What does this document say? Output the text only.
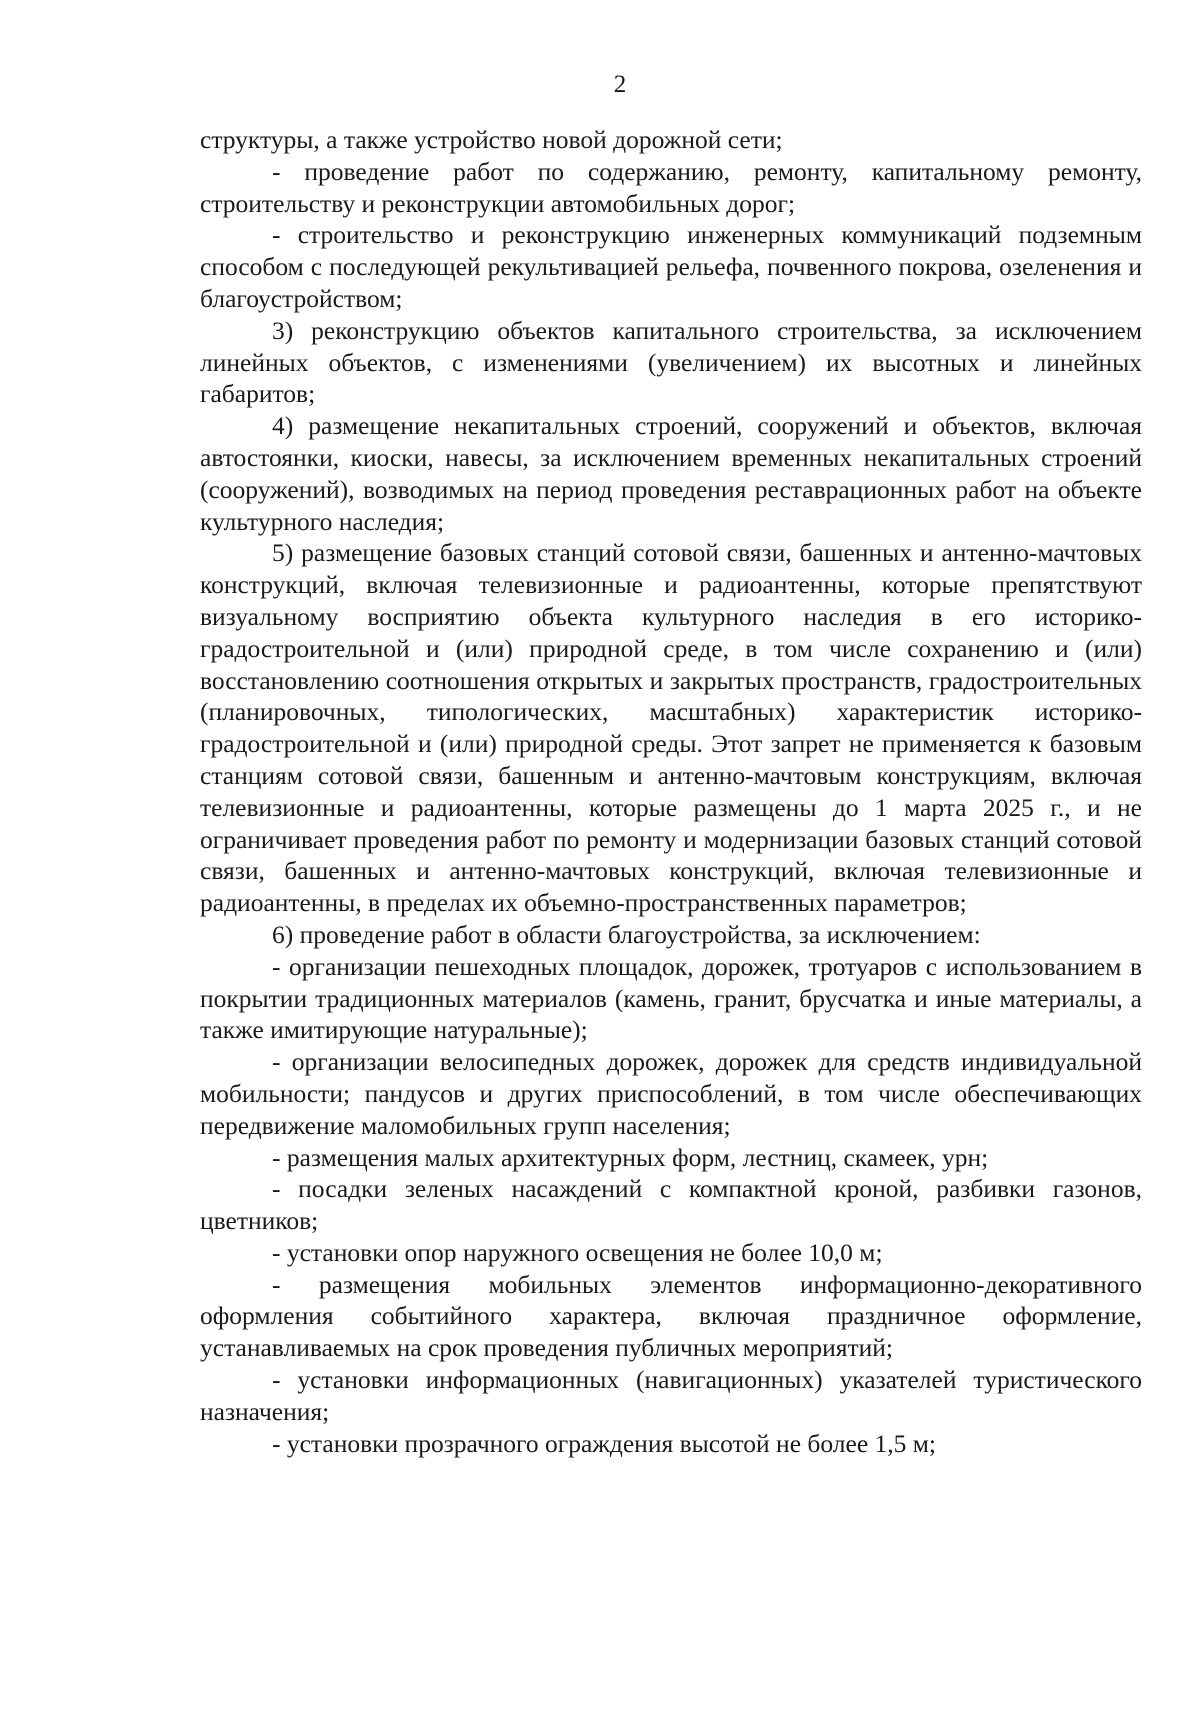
2

структуры, а также устройство новой дорожной сети;

- проведение работ по содержанию, ремонту, капитальному ремонту, строительству и реконструкции автомобильных дорог;

- строительство и реконструкцию инженерных коммуникаций подземным способом с последующей рекультивацией рельефа, почвенного покрова, озеленения и благоустройством;

3) реконструкцию объектов капитального строительства, за исключением линейных объектов, с изменениями (увеличением) их высотных и линейных габаритов;

4) размещение некапитальных строений, сооружений и объектов, включая автостоянки, киоски, навесы, за исключением временных некапитальных строений (сооружений), возводимых на период проведения реставрационных работ на объекте культурного наследия;

5) размещение базовых станций сотовой связи, башенных и антенно-мачтовых конструкций, включая телевизионные и радиоантенны, которые препятствуют визуальному восприятию объекта культурного наследия в его историко-градостроительной и (или) природной среде, в том числе сохранению и (или) восстановлению соотношения открытых и закрытых пространств, градостроительных (планировочных, типологических, масштабных) характеристик историко-градостроительной и (или) природной среды. Этот запрет не применяется к базовым станциям сотовой связи, башенным и антенно-мачтовым конструкциям, включая телевизионные и радиоантенны, которые размещены до 1 марта 2025 г., и не ограничивает проведения работ по ремонту и модернизации базовых станций сотовой связи, башенных и антенно-мачтовых конструкций, включая телевизионные и радиоантенны, в пределах их объемно-пространственных параметров;

6) проведение работ в области благоустройства, за исключением:

- организации пешеходных площадок, дорожек, тротуаров с использованием в покрытии традиционных материалов (камень, гранит, брусчатка и иные материалы, а также имитирующие натуральные);

- организации велосипедных дорожек, дорожек для средств индивидуальной мобильности; пандусов и других приспособлений, в том числе обеспечивающих передвижение маломобильных групп населения;

- размещения малых архитектурных форм, лестниц, скамеек, урн;

- посадки зеленых насаждений с компактной кроной, разбивки газонов, цветников;

- установки опор наружного освещения не более 10,0 м;

- размещения мобильных элементов информационно-декоративного оформления событийного характера, включая праздничное оформление, устанавливаемых на срок проведения публичных мероприятий;

- установки информационных (навигационных) указателей туристического назначения;

- установки прозрачного ограждения высотой не более 1,5 м;
